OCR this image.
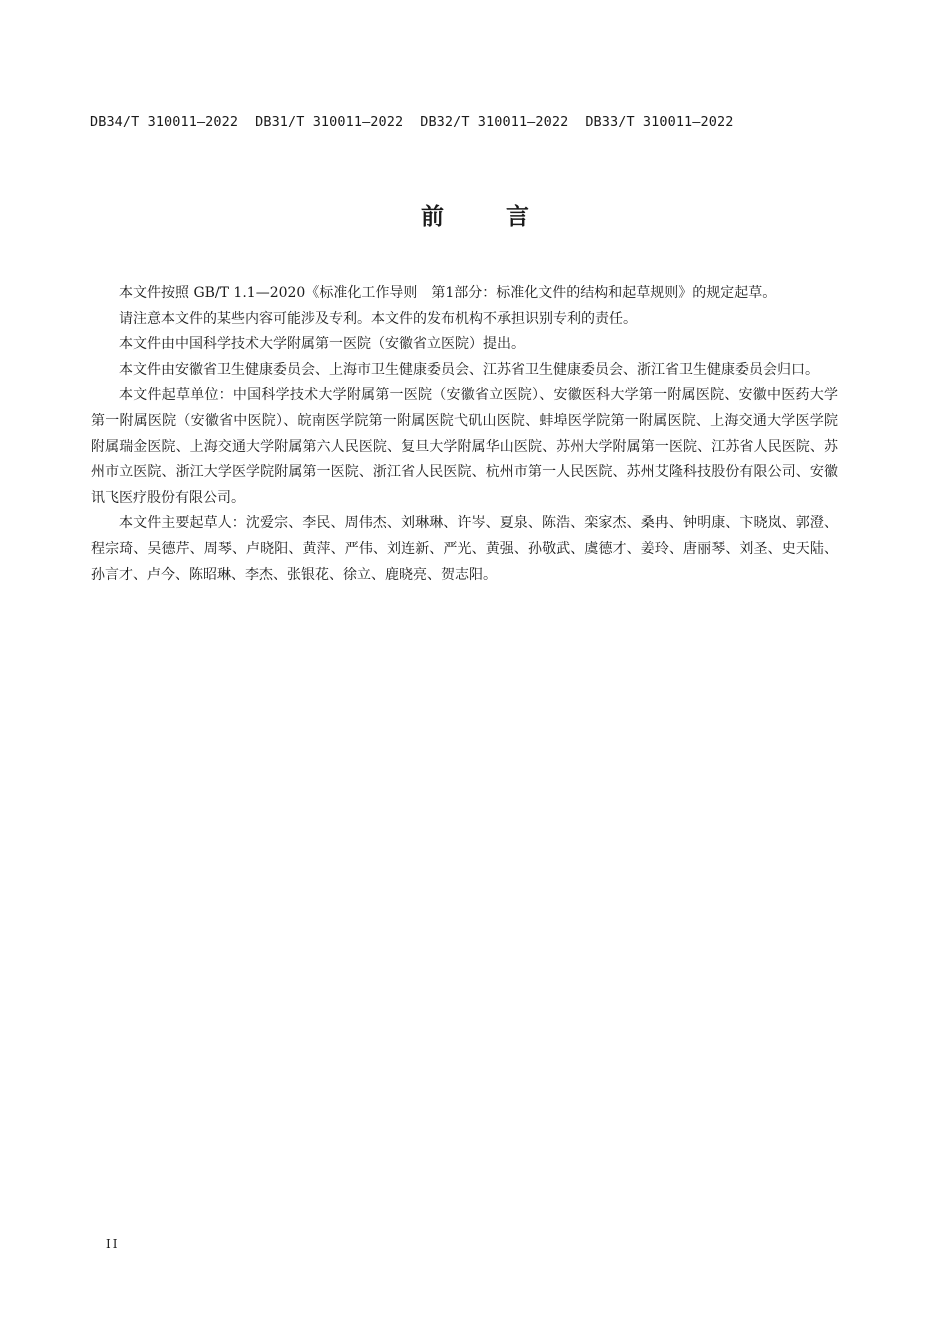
DB34/T 310011—2022 DB31/T 310011—2022 DB32/T 310011—2022 DB33/T 310011—2022
前言

本文件按照 GB/T 1.1—2020《标准化工作导则　第1部分：标准化文件的结构和起草规则》的规定起草。

请注意本文件的某些内容可能涉及专利。本文件的发布机构不承担识别专利的责任。

本文件由中国科学技术大学附属第一医院（安徽省立医院）提出。

本文件由安徽省卫生健康委员会、上海市卫生健康委员会、江苏省卫生健康委员会、浙江省卫生健康委员会归口。

本文件起草单位：中国科学技术大学附属第一医院（安徽省立医院）、安徽医科大学第一附属医院、安徽中医药大学第一附属医院（安徽省中医院）、皖南医学院第一附属医院弋矶山医院、蚌埠医学院第一附属医院、上海交通大学医学院附属瑞金医院、上海交通大学附属第六人民医院、复旦大学附属华山医院、苏州大学附属第一医院、江苏省人民医院、苏州市立医院、浙江大学医学院附属第一医院、浙江省人民医院、杭州市第一人民医院、苏州艾隆科技股份有限公司、安徽讯飞医疗股份有限公司。

本文件主要起草人：沈爱宗、李民、周伟杰、刘琳琳、许岑、夏泉、陈浩、栾家杰、桑冉、钟明康、卞晓岚、郭澄、程宗琦、吴德芹、周琴、卢晓阳、黄萍、严伟、刘连新、严光、黄强、孙敬武、虞德才、姜玲、唐丽琴、刘圣、史天陆、孙言才、卢今、陈昭琳、李杰、张银花、徐立、鹿晓亮、贺志阳。

II
